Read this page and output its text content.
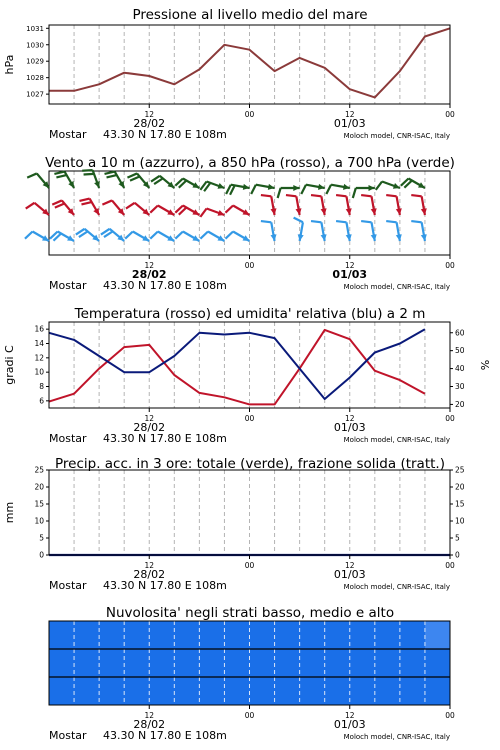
Pressione al livello medio del mare
1027
1028
1029
1030
1031
hPa
12	00	12	00
28/02	01/03
Mostar 43.30 N 17.80 E 108m	Moloch model, CNR-ISAC, Italy
Vento a 10 m (azzurro), a 850 hPa (rosso), a 700 hPa (verde)
12	00	12	00
28/02	01/03
Mostar 43.30 N 17.80 E 108m	Moloch model, CNR-ISAC, Italy
Temperatura (rosso) ed umidita' relativa (blu) a 2 m
6
8
10
12
14
16
20
30
40
50
60
gradi C	%
12	00	12	00
28/02	01/03
Mostar 43.30 N 17.80 E 108m	Moloch model, CNR-ISAC, Italy
Precip. acc. in 3 ore: totale (verde), frazione solida (tratt.)
0
5
10
15
20
25
0
5
10
15
20
25
mm
12	00	12	00
28/02	01/03
Mostar 43.30 N 17.80 E 108m	Moloch model, CNR-ISAC, Italy
Nuvolosita' negli strati basso, medio e alto
12	00	12	00
28/02	01/03
Mostar 43.30 N 17.80 E 108m	Moloch model, CNR-ISAC, Italy
